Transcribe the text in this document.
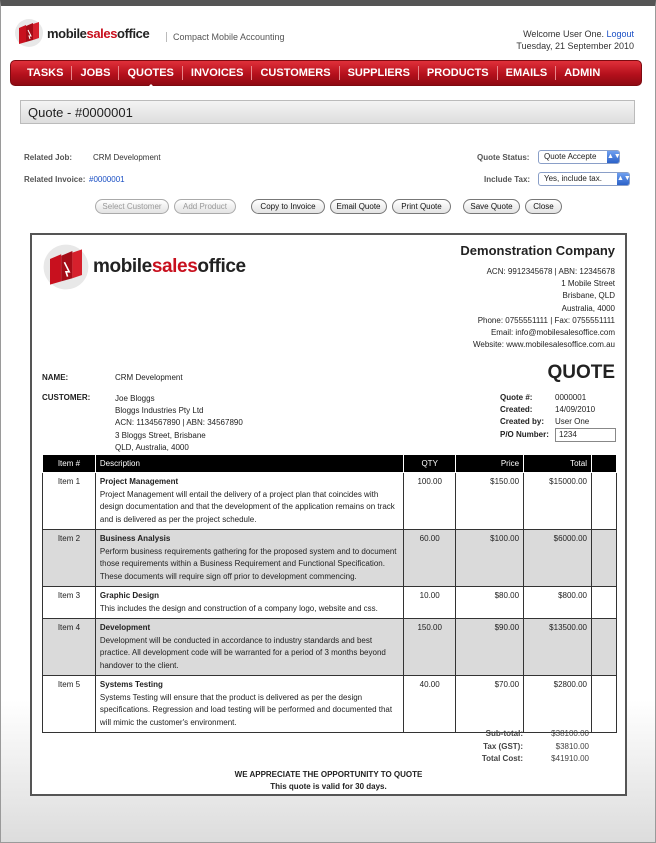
mobilesalesoffice	Compact Mobile Accounting	Welcome User One. Logout
Tuesday, 21 September 2010
TASKS	JOBS	QUOTES	INVOICES	CUSTOMERS	SUPPLIERS	PRODUCTS	EMAILS	ADMIN
Quote - #0000001
Related Job:	CRM Development
Related Invoice: #0000001
Quote Status:	Quote Accepte ▲▼
Include Tax:	Yes, include tax. ▲▼
Select Customer	Add Product	Copy to Invoice	Email Quote	Print Quote	Save Quote	Close
mobilesalesoffice
Demonstration Company
ACN: 9912345678 | ABN: 12345678
1 Mobile Street
Brisbane, QLD
Australia, 4000
Phone: 0755551111 | Fax: 0755551111
Email: info@mobilesalesoffice.com
Website: www.mobilesalesoffice.com.au
QUOTE
NAME:	CRM Development
CUSTOMER:	Joe Bloggs
Bloggs Industries Pty Ltd
ACN: 1134567890 | ABN: 34567890
3 Bloggs Street, Brisbane
QLD, Australia, 4000
Quote #:	0000001
Created:	14/09/2010
Created by: User One
P/O Number:	1234
Item #	Description	QTY	Price	Total	
Item 1	Project Management
Project Management will entail the delivery of a project plan that coincides with design documentation and that the development of the application remains on track and is delivered as per the project schedule.	100.00	$150.00	$15000.00	
Item 2	Business Analysis
Perform business requirements gathering for the proposed system and to document those requirements within a Business Requirement and Functional Specification. These documents will require sign off prior to development commencing.	60.00	$100.00	$6000.00	
Item 3	Graphic Design
This includes the design and construction of a company logo, website and css.	10.00	$80.00	$800.00	
Item 4	Development
Development will be conducted in accordance to industry standards and best practice. All development code will be warranted for a period of 3 months beyond handover to the client.	150.00	$90.00	$13500.00	
Item 5	Systems Testing
Systems Testing will ensure that the product is delivered as per the design specifications. Regression and load testing will be performed and documented that will mimic the customer's environment.	40.00	$70.00	$2800.00	
Sub-total:	$38100.00
Tax (GST):	$3810.00
Total Cost:	$41910.00
WE APPRECIATE THE OPPORTUNITY TO QUOTE
This quote is valid for 30 days.
